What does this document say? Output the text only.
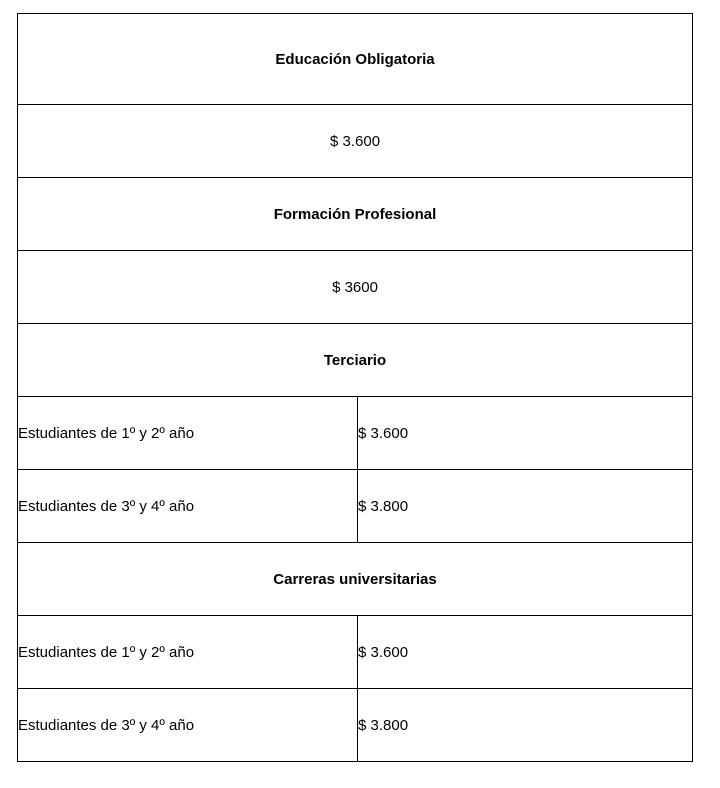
Educación Obligatoria	
$ 3.600	
Formación Profesional	
$ 3600	
Terciario	
Estudiantes de 1º y 2º año	$ 3.600
Estudiantes de 3º y 4º año	$ 3.800
Carreras universitarias	
Estudiantes de 1º y 2º año	$ 3.600
Estudiantes de 3º y 4º año	$ 3.800
